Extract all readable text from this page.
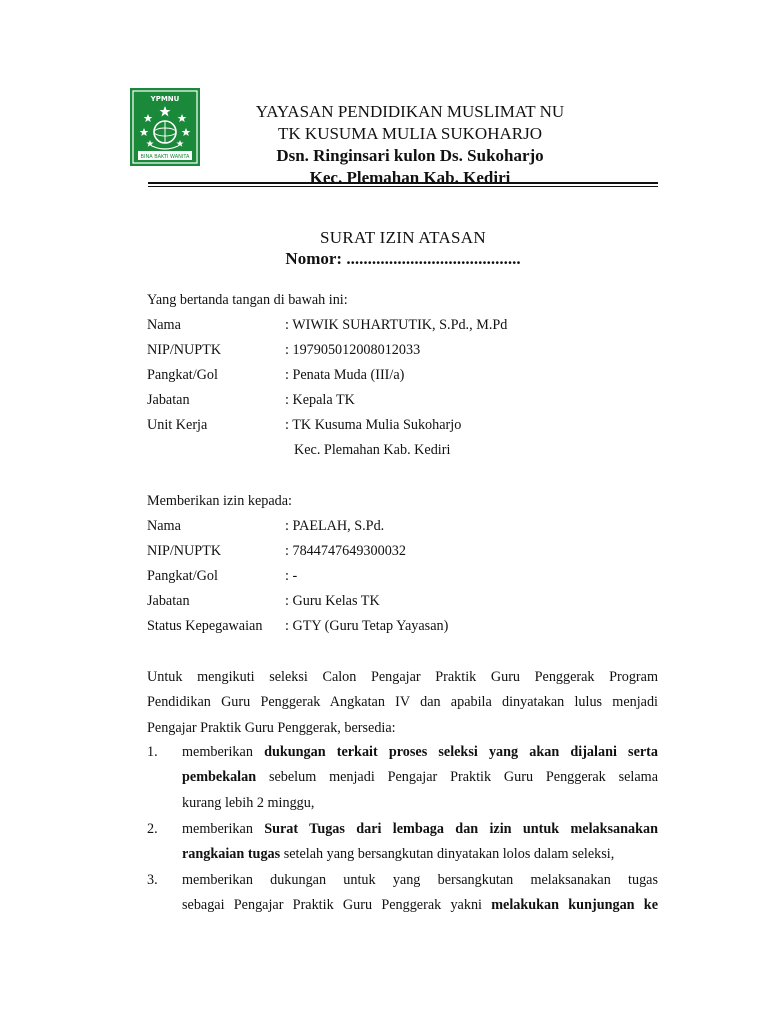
YPMNU
BINA BAKTI WANITA
YAYASAN PENDIDIKAN MUSLIMAT NU
TK KUSUMA MULIA SUKOHARJO
Dsn. Ringinsari kulon Ds. Sukoharjo
Kec. Plemahan Kab. Kediri
SURAT IZIN ATASAN
Nomor: .........................................
Yang bertanda tangan di bawah ini:
Nama	: WIWIK SUHARTUTIK, S.Pd., M.Pd
NIP/NUPTK	: 197905012008012033
Pangkat/Gol	: Penata Muda (III/a)
Jabatan	: Kepala TK
Unit Kerja	: TK Kusuma Mulia Sukoharjo
Kec. Plemahan Kab. Kediri
Memberikan izin kepada:
Nama	: PAELAH, S.Pd.
NIP/NUPTK	: 7844747649300032
Pangkat/Gol	: -
Jabatan	: Guru Kelas TK
Status Kepegawaian : GTY (Guru Tetap Yayasan)
Untuk mengikuti seleksi Calon Pengajar Praktik Guru Penggerak Program
Pendidikan Guru Penggerak Angkatan IV dan apabila dinyatakan lulus menjadi
Pengajar Praktik Guru Penggerak, bersedia:
1. memberikan dukungan terkait proses seleksi yang akan dijalani serta
pembekalan sebelum menjadi Pengajar Praktik Guru Penggerak selama
kurang lebih 2 minggu,
2. memberikan Surat Tugas dari lembaga dan izin untuk melaksanakan
rangkaian tugas setelah yang bersangkutan dinyatakan lolos dalam seleksi,
3. memberikan dukungan untuk yang bersangkutan melaksanakan tugas
sebagai Pengajar Praktik Guru Penggerak yakni melakukan kunjungan ke
